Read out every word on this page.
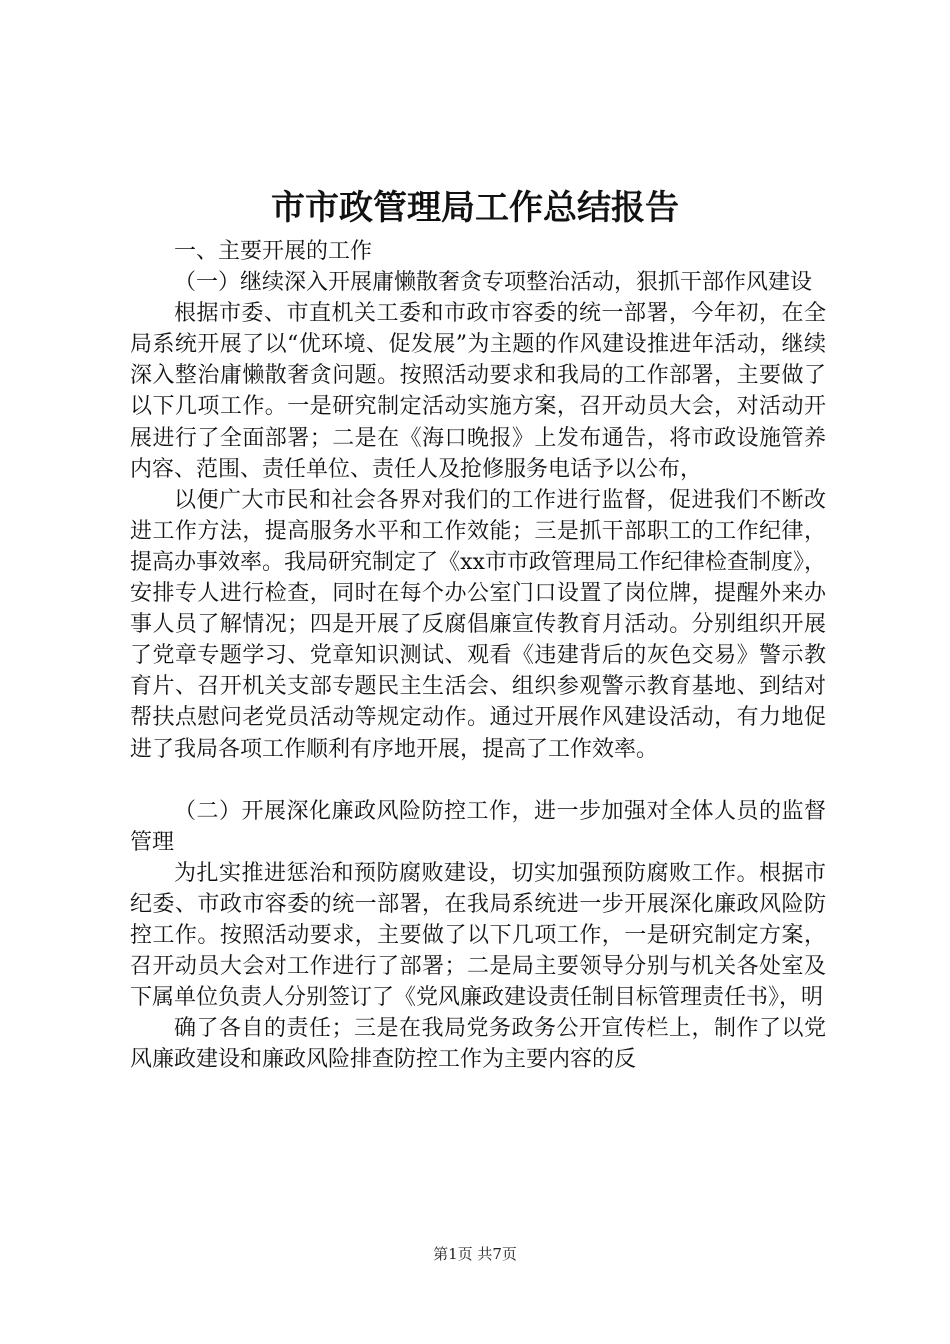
市市政管理局工作总结报告

一、主要开展的工作

（一）继续深入开展庸懒散奢贪专项整治活动，狠抓干部作风建设

根据市委、市直机关工委和市政市容委的统一部署，今年初，在全局系统开展了以“优环境、促发展”为主题的作风建设推进年活动，继续深入整治庸懒散奢贪问题。按照活动要求和我局的工作部署，主要做了以下几项工作。一是研究制定活动实施方案，召开动员大会，对活动开展进行了全面部署；二是在《海口晚报》上发布通告，将市政设施管养内容、范围、责任单位、责任人及抢修服务电话予以公布，

以便广大市民和社会各界对我们的工作进行监督，促进我们不断改进工作方法，提高服务水平和工作效能；三是抓干部职工的工作纪律，提高办事效率。我局研究制定了《xx市市政管理局工作纪律检查制度》，安排专人进行检查，同时在每个办公室门口设置了岗位牌，提醒外来办事人员了解情况；四是开展了反腐倡廉宣传教育月活动。分别组织开展了党章专题学习、党章知识测试、观看《违建背后的灰色交易》警示教育片、召开机关支部专题民主生活会、组织参观警示教育基地、到结对帮扶点慰问老党员活动等规定动作。通过开展作风建设活动，有力地促进了我局各项工作顺利有序地开展，提高了工作效率。

（二）开展深化廉政风险防控工作，进一步加强对全体人员的监督管理

为扎实推进惩治和预防腐败建设，切实加强预防腐败工作。根据市纪委、市政市容委的统一部署，在我局系统进一步开展深化廉政风险防控工作。按照活动要求，主要做了以下几项工作，一是研究制定方案，召开动员大会对工作进行了部署；二是局主要领导分别与机关各处室及下属单位负责人分别签订了《党风廉政建设责任制目标管理责任书》，明

确了各自的责任；三是在我局党务政务公开宣传栏上，制作了以党风廉政建设和廉政风险排查防控工作为主要内容的反

第1页 共7页
